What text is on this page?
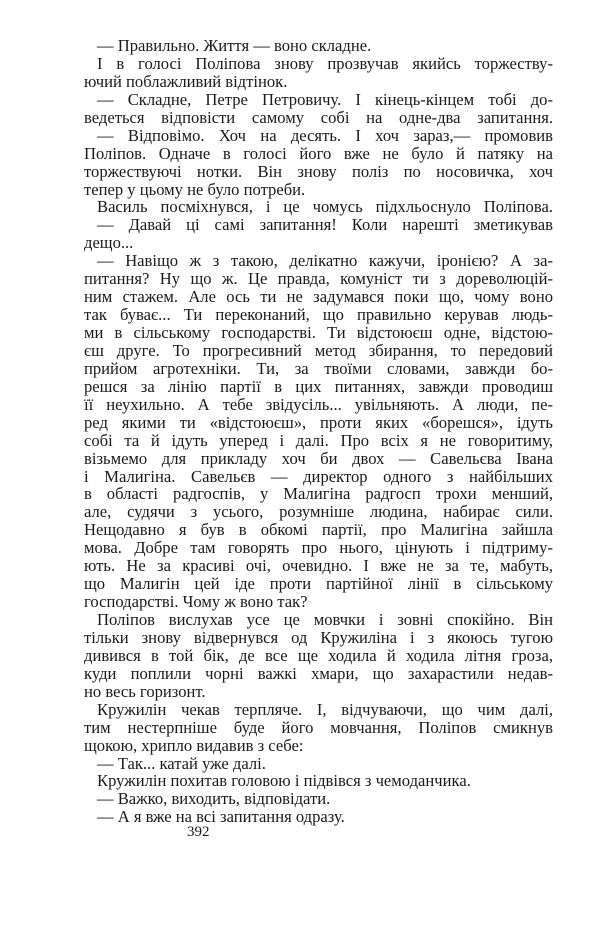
— Правильно. Життя — воно складне.
І в голосі Поліпова знову прозвучав якийсь торжеству-
ючий поблажливий відтінок.
— Складне, Петре Петровичу. І кінець-кінцем тобі до-
ведеться відповісти самому собі на одне-два запитання.
— Відповімо. Хоч на десять. І хоч зараз,— промовив
Поліпов. Одначе в голосі його вже не було й патяку на
торжествуючі нотки. Він знову поліз по носовичка, хоч
тепер у цьому не було потреби.
Василь посміхнувся, і це чомусь підхльоснуло Поліпова.
— Давай ці самі запитання! Коли нарешті зметикував
дещо...
— Навіщо ж з такою, делікатно кажучи, іронією? А за-
питання? Ну що ж. Це правда, комуніст ти з дореволюцій-
ним стажем. Але ось ти не задумався поки що, чому воно
так буває... Ти переконаний, що правильно керував людь-
ми в сільському господарстві. Ти відстоюєш одне, відстою-
єш друге. То прогресивний метод збирання, то передовий
прийом агротехніки. Ти, за твоїми словами, завжди бо-
решся за лінію партії в цих питаннях, завжди проводиш
її неухильно. А тебе звідусіль... увільняють. А люди, пе-
ред якими ти «відстоюєш», проти яких «борешся», ідуть
собі та й ідуть уперед і далі. Про всіх я не говоритиму,
візьмемо для прикладу хоч би двох — Савельєва Івана
і Малигіна. Савельєв — директор одного з найбільших
в області радгоспів, у Малигіна радгосп трохи менший,
але, судячи з усього, розумніше людина, набирає сили.
Нещодавно я був в обкомі партії, про Малигіна зайшла
мова. Добре там говорять про нього, цінують і підтриму-
ють. Не за красиві очі, очевидно. І вже не за те, мабуть,
що Малигін цей іде проти партійної лінії в сільському
господарстві. Чому ж воно так?
Поліпов вислухав усе це мовчки і зовні спокійно. Він
тільки знову відвернувся од Кружиліна і з якоюсь тугою
дивився в той бік, де все ще ходила й ходила літня гроза,
куди поплили чорні важкі хмари, що захарастили недав-
но весь горизонт.
Кружилін чекав терпляче. І, відчуваючи, що чим далі,
тим нестерпніше буде його мовчання, Поліпов смикнув
щокою, хрипло видавив з себе:
— Так... катай уже далі.
Кружилін похитав головою і підвівся з чемоданчика.
— Важко, виходить, відповідати.
— А я вже на всі запитання одразу.
392
